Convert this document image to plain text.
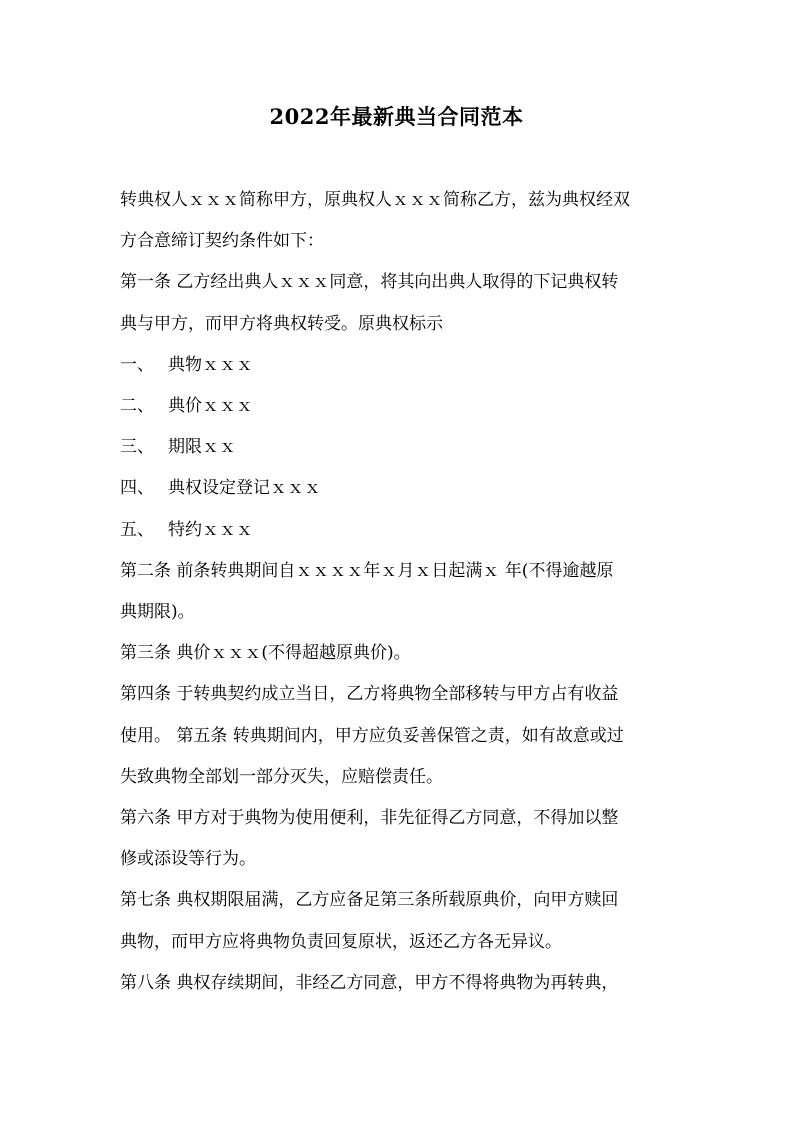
2022年最新典当合同范本

转典权人ｘｘｘ简称甲方，原典权人ｘｘｘ简称乙方，兹为典权经双

方合意缔订契约条件如下：

第一条 乙方经出典人ｘｘｘ同意，将其向出典人取得的下记典权转

典与甲方，而甲方将典权转受。原典权标示

一、 典物ｘｘｘ

二、 典价ｘｘｘ

三、 期限ｘｘ

四、 典权设定登记ｘｘｘ

五、 特约ｘｘｘ

第二条 前条转典期间自ｘｘｘｘ年ｘ月ｘ日起满ｘ 年(不得逾越原

典期限)。

第三条 典价ｘｘｘ(不得超越原典价)。

第四条 于转典契约成立当日，乙方将典物全部移转与甲方占有收益

使用。 第五条 转典期间内，甲方应负妥善保管之责，如有故意或过

失致典物全部划一部分灭失，应赔偿责任。

第六条 甲方对于典物为使用便利，非先征得乙方同意，不得加以整

修或添设等行为。

第七条 典权期限届满，乙方应备足第三条所载原典价，向甲方赎回

典物，而甲方应将典物负责回复原状，返还乙方各无异议。

第八条 典权存续期间，非经乙方同意，甲方不得将典物为再转典，
